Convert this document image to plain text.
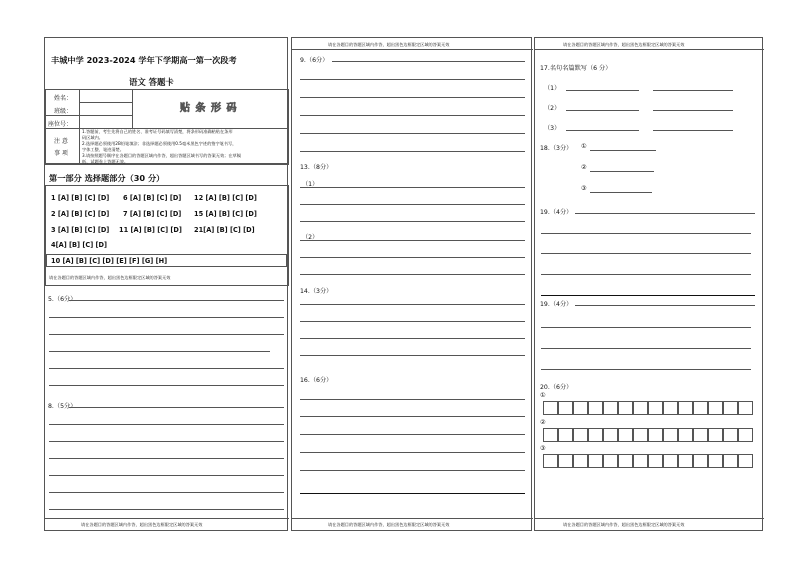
丰城中学 2023-2024 学年下学期高一第一次段考
语文 答题卡
姓名：
班级：
座位号：
贴 条 形 码
注 意
事 项
1.答题前，考生先将自己的姓名、准考证号码填写清楚，将条形码准确粘贴在条形
码区域内。
2.选择题必须使用2B铅笔填涂；非选择题必须使用0.5毫米黑色字迹的签字笔书写，
字体工整、笔迹清楚。
3.请按照题号顺序在各题目的答题区域内作答，超出答题区域书写的答案无效；在草稿
纸、试题卷上答题无效。
第一部分 选择题部分（30 分）
1 [A] [B] [C] [D] 6 [A] [B] [C] [D] 12 [A] [B] [C] [D]
2 [A] [B] [C] [D] 7 [A] [B] [C] [D] 15 [A] [B] [C] [D]
3 [A] [B] [C] [D] 11 [A] [B] [C] [D] 21[A] [B] [C] [D]
4[A] [B] [C] [D]
10 [A] [B] [C] [D] [E] [F] [G] [H]
请在各题目的答题区域内作答，超出黑色边框限定区域的答案无效
5.（6分）
8.（5分）
请在各题目的答题区域内作答，超出黑色边框限定区域的答案无效
请在各题目的答题区域内作答，超出黑色边框限定区域的答案无效
9.（6分）
13.（8分）
（1）
（2）
14.（3分）
16.（6分）
请在各题目的答题区域内作答，超出黑色边框限定区域的答案无效
请在各题目的答题区域内作答，超出黑色边框限定区域的答案无效
17.名句名篇默写（6 分）
（1）
（2）
（3）
18.（3分） ①
②
③
19.（4分）
19.（4分）
20.（6分）
①
②
③
请在各题目的答题区域内作答，超出黑色边框限定区域的答案无效
